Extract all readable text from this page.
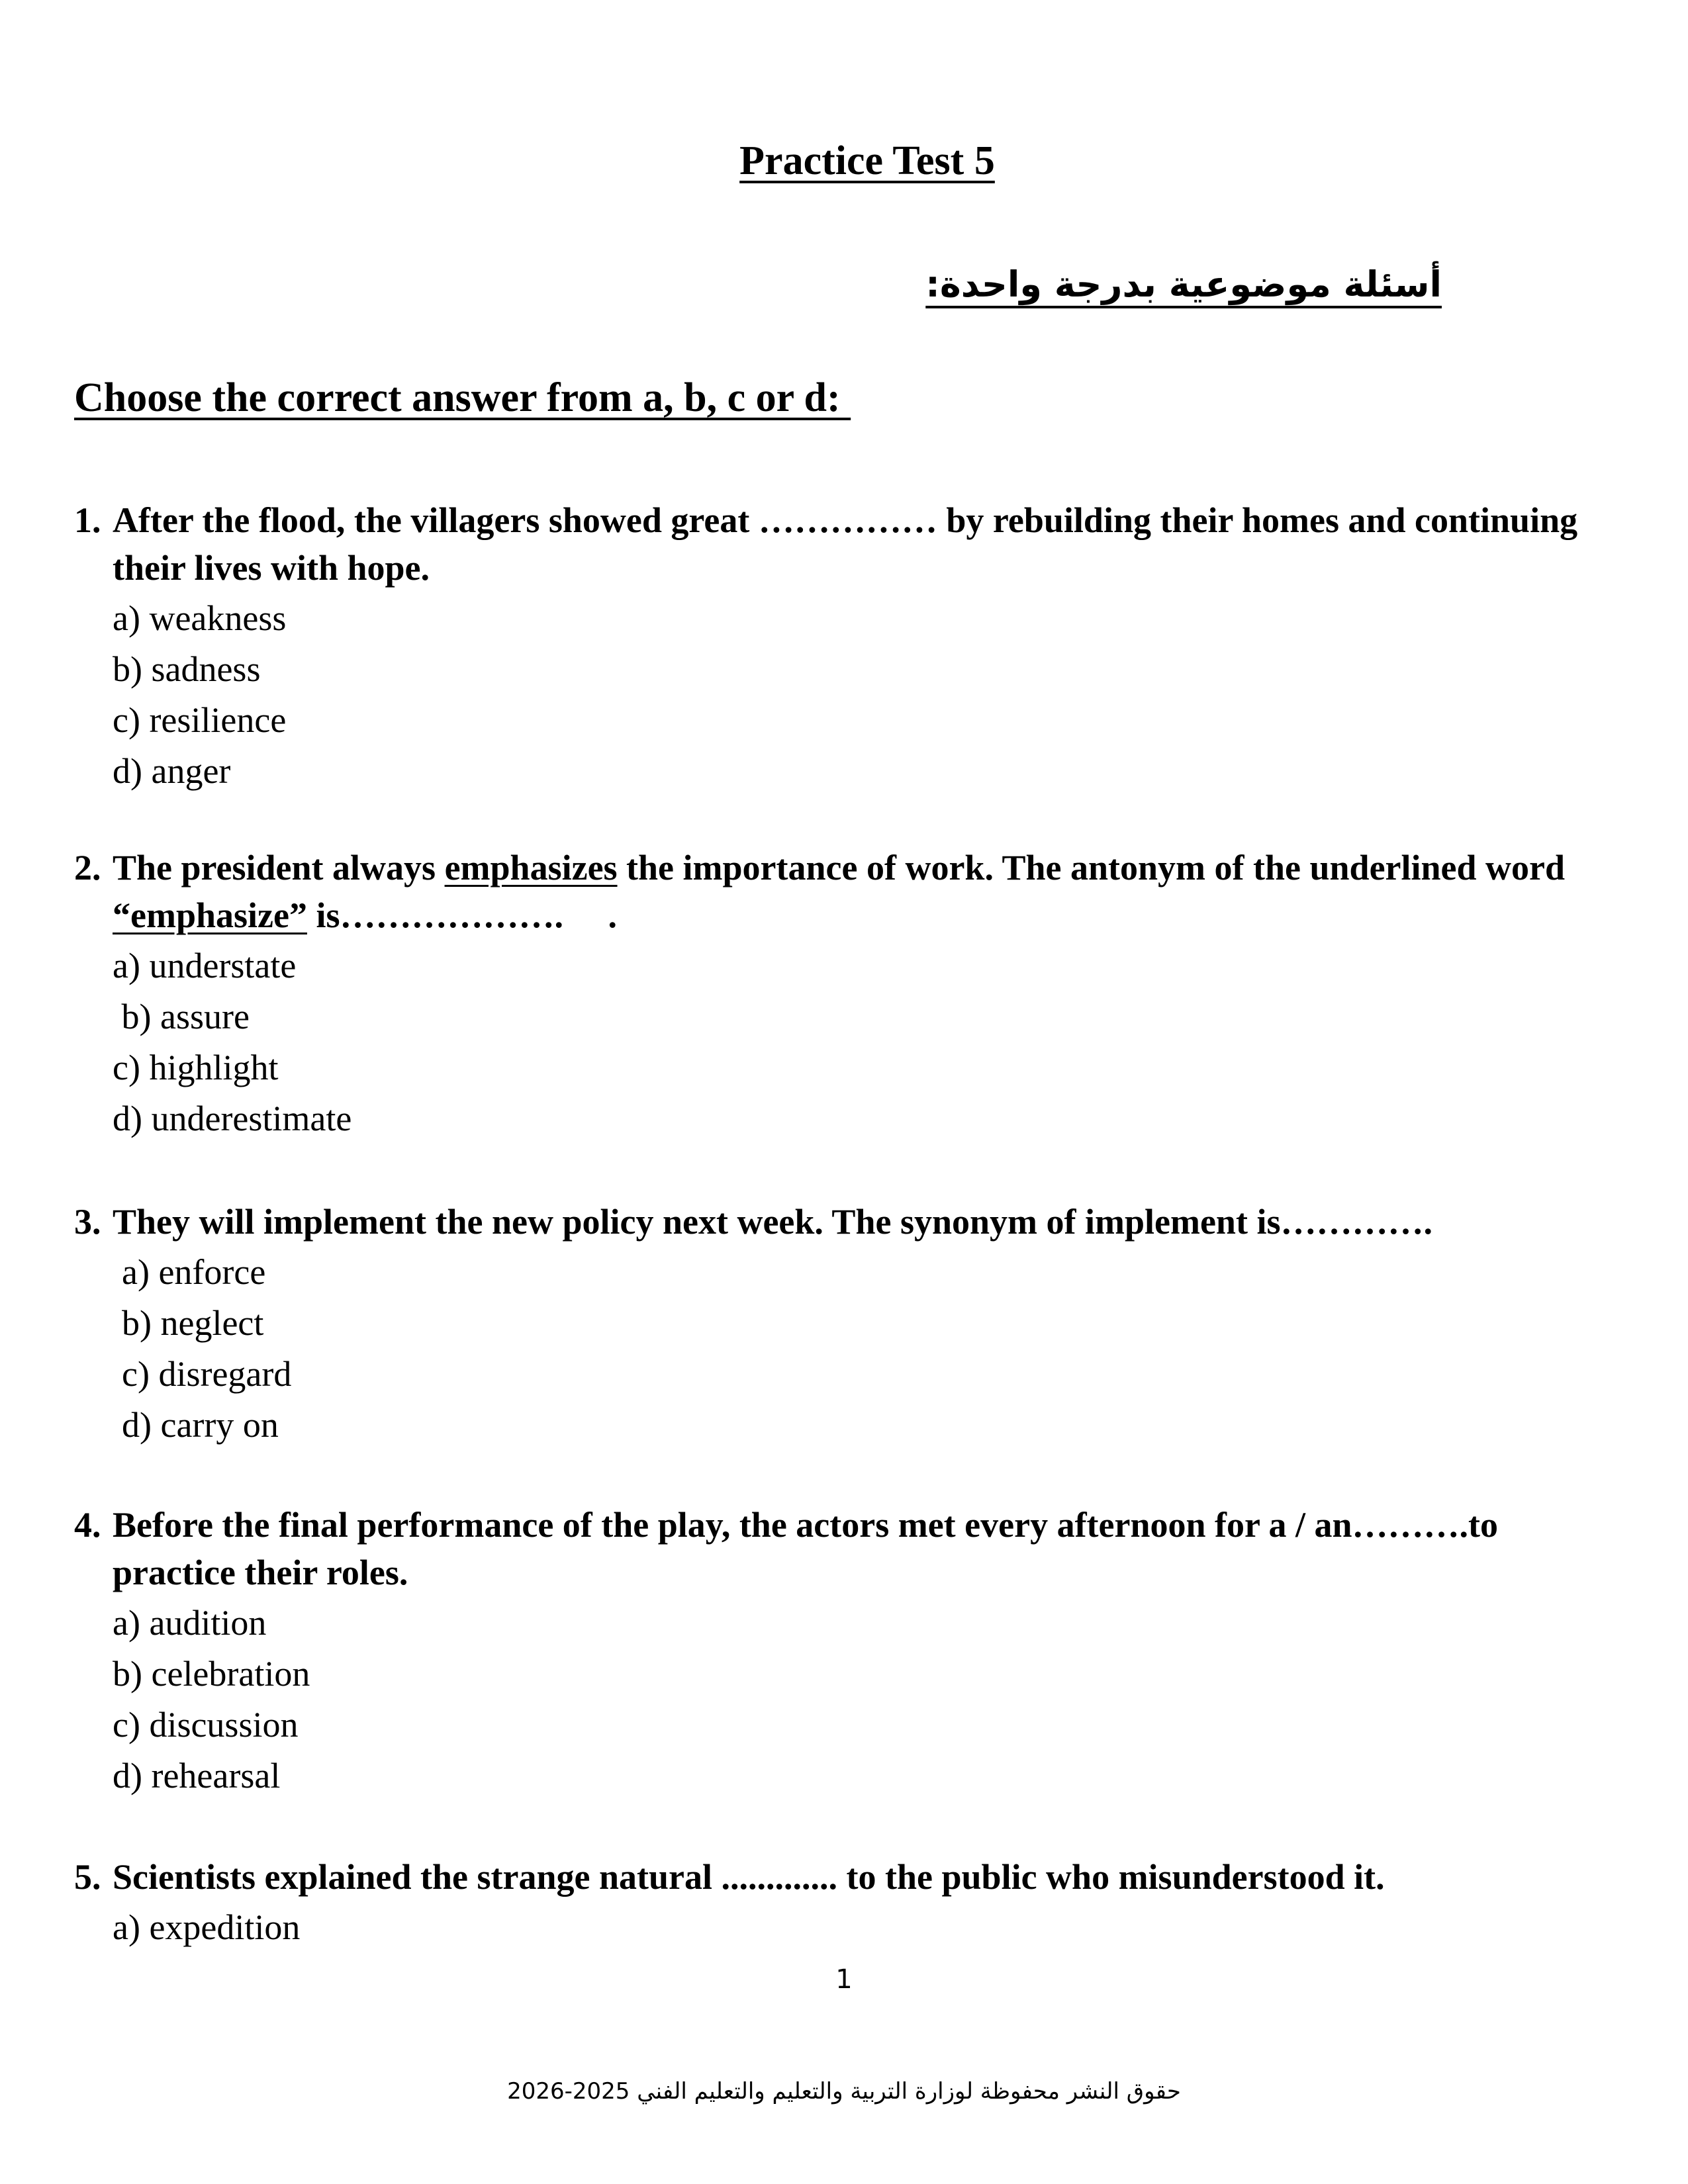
Practice Test 5
أسئلة موضوعية بدرجة واحدة:
Choose the correct answer from a, b, c or d:
1. After the flood, the villagers showed great …………… by rebuilding their homes and continuing their lives with hope.
a) weakness
b) sadness
c) resilience
d) anger
2. The president always emphasizes the importance of work. The antonym of the underlined word “emphasize” is……………….     .
a) understate
b) assure
c) highlight
d) underestimate
3. They will implement the new policy next week. The synonym of implement is………….
a) enforce
b) neglect
c) disregard
d) carry on
4. Before the final performance of the play, the actors met every afternoon for a / an……….to practice their roles.
a) audition
b) celebration
c) discussion
d) rehearsal
5. Scientists explained the strange natural ............. to the public who misunderstood it.
a) expedition
1
حقوق النشر محفوظة لوزارة التربية والتعليم والتعليم الفني 2025-2026
